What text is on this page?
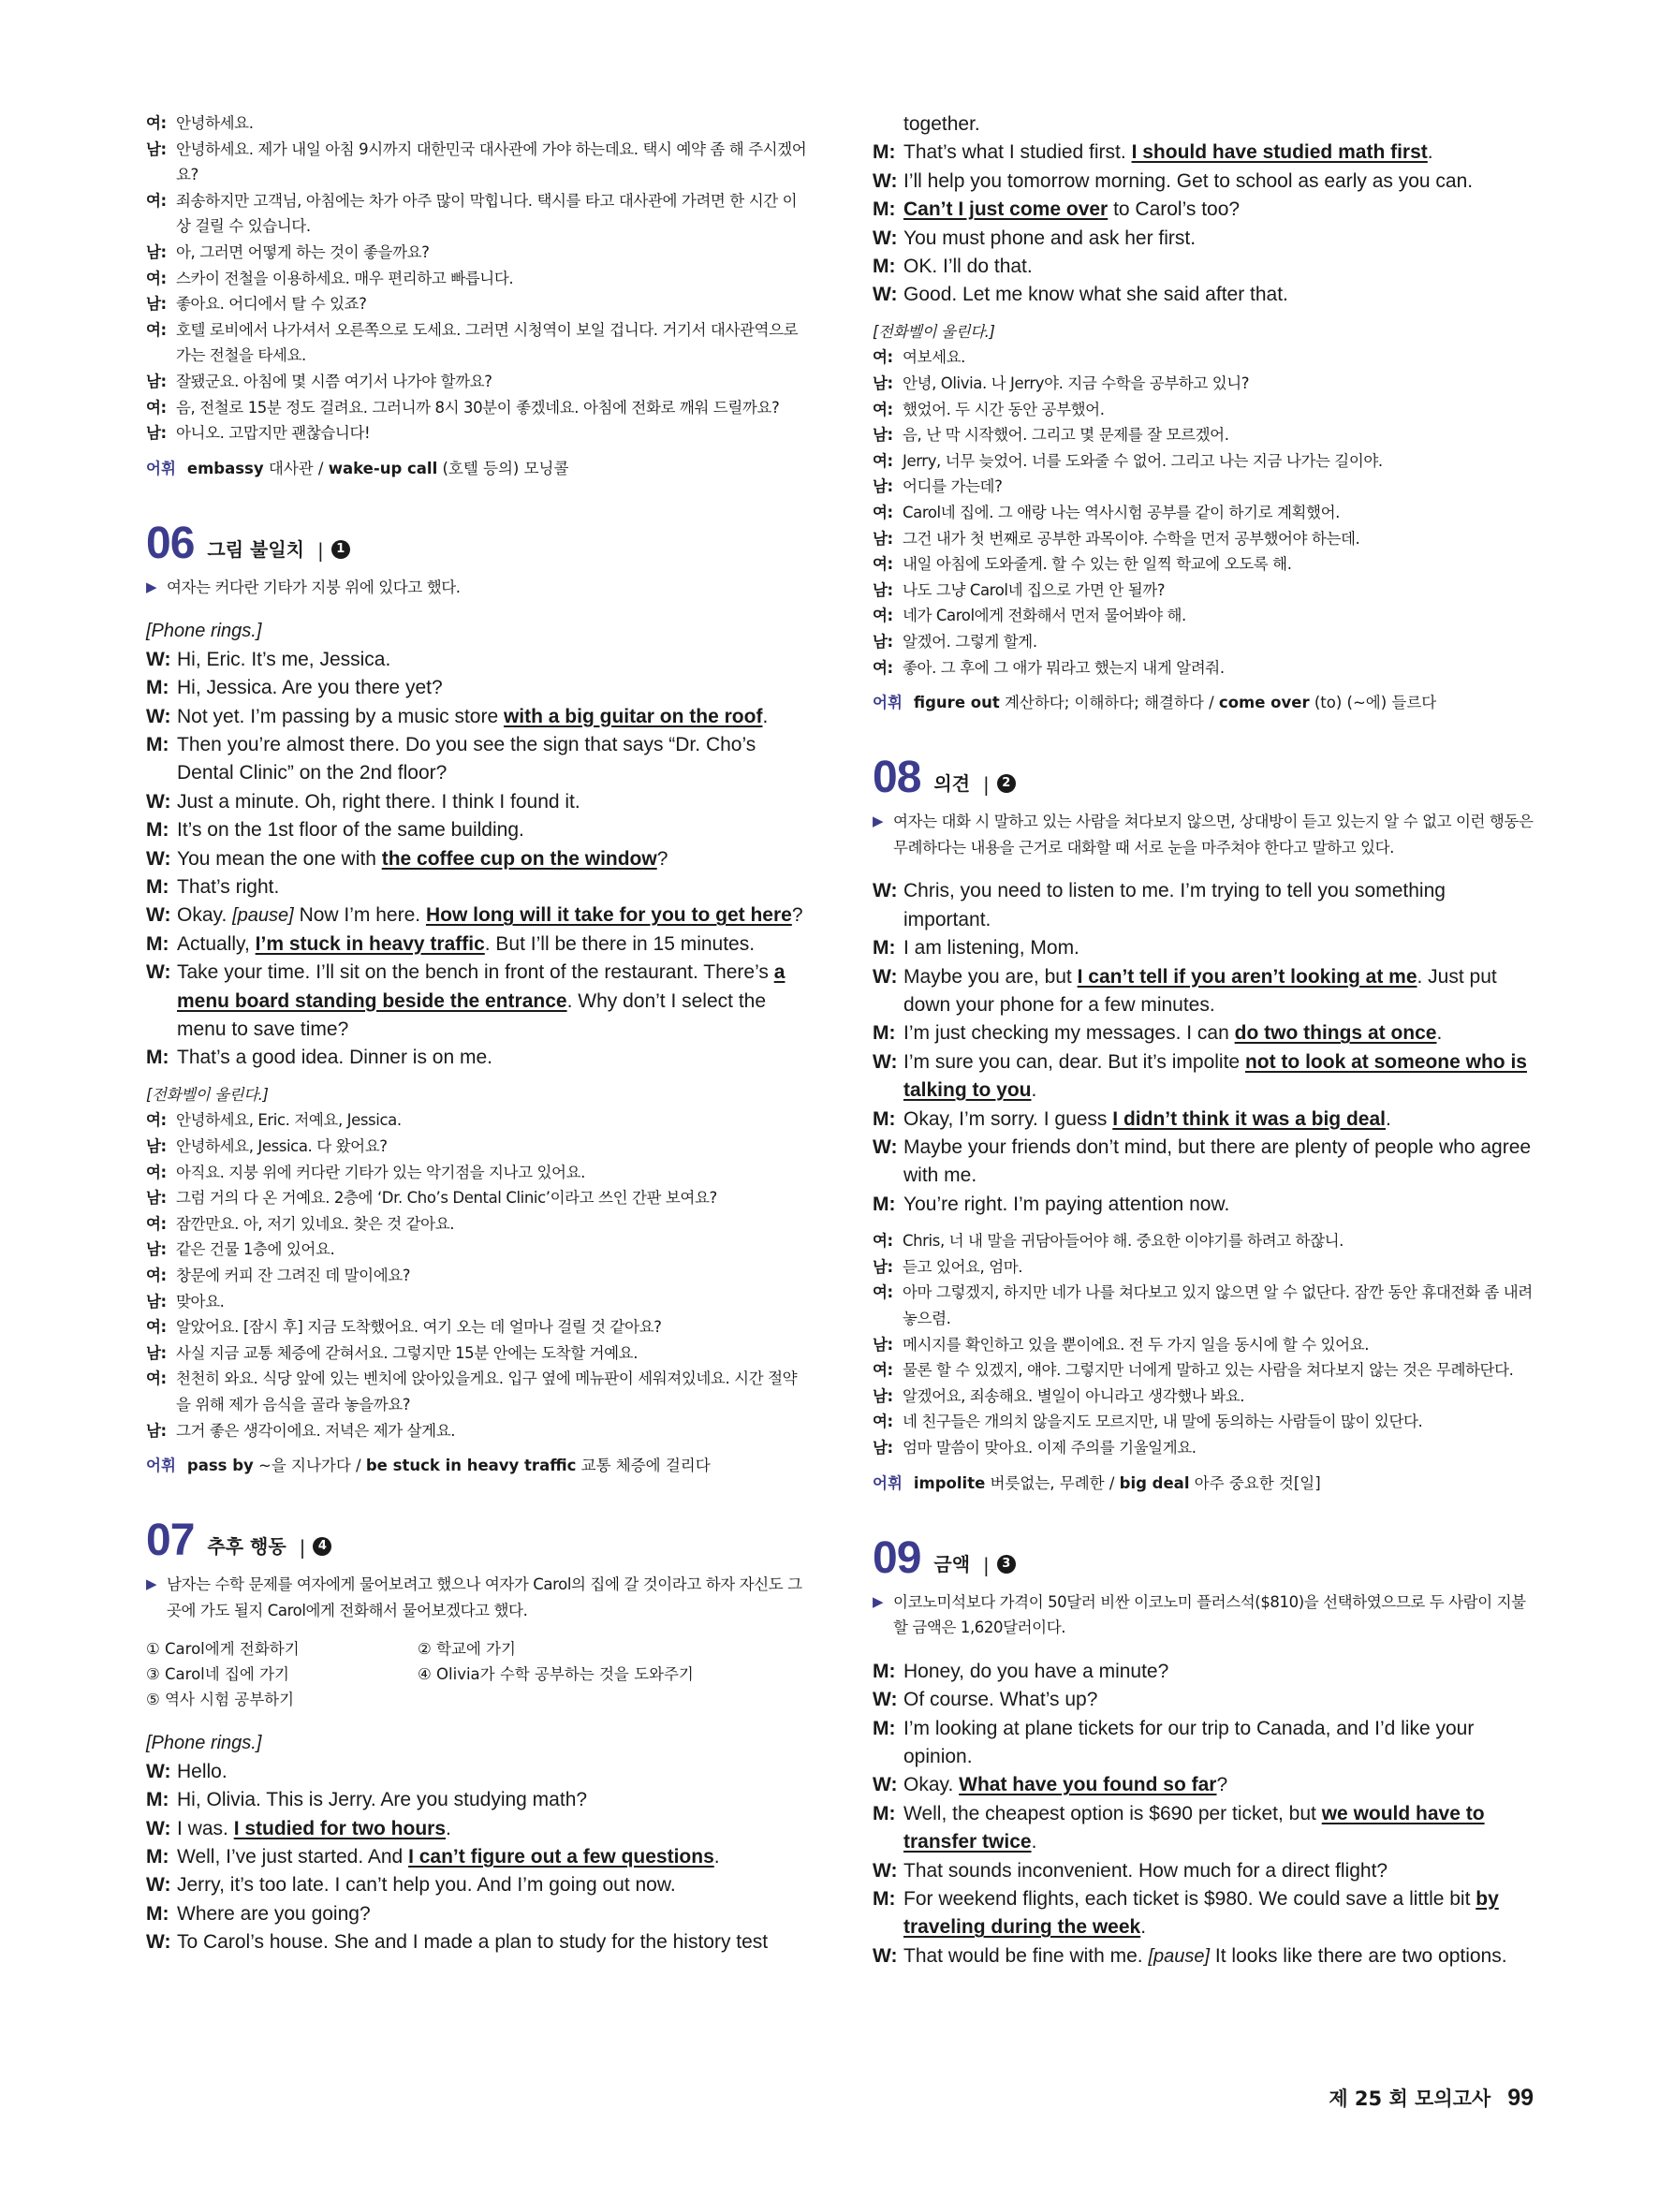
여: 안녕하세요.
남: 안녕하세요. 제가 내일 아침 9시까지 대한민국 대사관에 가야 하는데요. 택시 예약 좀 해 주시겠어요?
여: 죄송하지만 고객님, 아침에는 차가 아주 많이 막힙니다. 택시를 타고 대사관에 가려면 한 시간 이상 걸릴 수 있습니다.
남: 아, 그러면 어떻게 하는 것이 좋을까요?
여: 스카이 전철을 이용하세요. 매우 편리하고 빠릅니다.
남: 좋아요. 어디에서 탈 수 있죠?
여: 호텔 로비에서 나가셔서 오른쪽으로 도세요. 그러면 시청역이 보일 겁니다. 거기서 대사관역으로 가는 전철을 타세요.
남: 잘됐군요. 아침에 몇 시쯤 여기서 나가야 할까요?
여: 음, 전철로 15분 정도 걸려요. 그러니까 8시 30분이 좋겠네요. 아침에 전화로 깨워 드릴까요?
남: 아니오. 고맙지만 괜찮습니다!
어휘 embassy 대사관 / wake-up call (호텔 등의) 모닝콜
06 그림 불일치 |	1
▶ 여자는 커다란 기타가 지붕 위에 있다고 했다.
[Phone rings.]
W: Hi, Eric. It’s me, Jessica.
M: Hi, Jessica. Are you there yet?
W: Not yet. I’m passing by a music store with a big guitar on the roof.
M: Then you’re almost there. Do you see the sign that says “Dr. Cho’s Dental Clinic” on the 2nd floor?
W: Just a minute. Oh, right there. I think I found it.
M: It’s on the 1st floor of the same building.
W: You mean the one with the coffee cup on the window?
M: That’s right.
W: Okay. [pause] Now I’m here. How long will it take for you to get here?
M: Actually, I’m stuck in heavy traffic. But I’ll be there in 15 minutes.
W: Take your time. I’ll sit on the bench in front of the restaurant. There’s a menu board standing beside the entrance. Why don’t I select the menu to save time?
M: That’s a good idea. Dinner is on me.
[전화벨이 울린다.]
여: 안녕하세요, Eric. 저예요, Jessica.
남: 안녕하세요, Jessica. 다 왔어요?
여: 아직요. 지붕 위에 커다란 기타가 있는 악기점을 지나고 있어요.
남: 그럼 거의 다 온 거예요. 2층에 ‘Dr. Cho’s Dental Clinic’이라고 쓰인 간판 보여요?
여: 잠깐만요. 아, 저기 있네요. 찾은 것 같아요.
남: 같은 건물 1층에 있어요.
여: 창문에 커피 잔 그려진 데 말이에요?
남: 맞아요.
여: 알았어요. [잠시 후] 지금 도착했어요. 여기 오는 데 얼마나 걸릴 것 같아요?
남: 사실 지금 교통 체증에 갇혀서요. 그렇지만 15분 안에는 도착할 거예요.
여: 천천히 와요. 식당 앞에 있는 벤치에 앉아있을게요. 입구 옆에 메뉴판이 세워져있네요. 시간 절약을 위해 제가 음식을 골라 놓을까요?
남: 그거 좋은 생각이에요. 저녁은 제가 살게요.
어휘 pass by ~을 지나가다 / be stuck in heavy traffic 교통 체증에 걸리다
07 추후 행동 |	4
▶ 남자는 수학 문제를 여자에게 물어보려고 했으나 여자가 Carol의 집에 갈 것이라고 하자 자신도 그곳에 가도 될지 Carol에게 전화해서 물어보겠다고 했다.
① Carol에게 전화하기	② 학교에 가기
③ Carol네 집에 가기	④ Olivia가 수학 공부하는 것을 도와주기
⑤ 역사 시험 공부하기
[Phone rings.]
W: Hello.
M: Hi, Olivia. This is Jerry. Are you studying math?
W: I was. I studied for two hours.
M: Well, I’ve just started. And I can’t figure out a few questions.
W: Jerry, it’s too late. I can’t help you. And I’m going out now.
M: Where are you going?
W: To Carol’s house. She and I made a plan to study for the history test
together.
M: That’s what I studied first. I should have studied math first.
W: I’ll help you tomorrow morning. Get to school as early as you can.
M: Can’t I just come over to Carol’s too?
W: You must phone and ask her first.
M: OK. I’ll do that.
W: Good. Let me know what she said after that.
[전화벨이 울린다.]
여: 여보세요.
남: 안녕, Olivia. 나 Jerry야. 지금 수학을 공부하고 있니?
여: 했었어. 두 시간 동안 공부했어.
남: 음, 난 막 시작했어. 그리고 몇 문제를 잘 모르겠어.
여: Jerry, 너무 늦었어. 너를 도와줄 수 없어. 그리고 나는 지금 나가는 길이야.
남: 어디를 가는데?
여: Carol네 집에. 그 애랑 나는 역사시험 공부를 같이 하기로 계획했어.
남: 그건 내가 첫 번째로 공부한 과목이야. 수학을 먼저 공부했어야 하는데.
여: 내일 아침에 도와줄게. 할 수 있는 한 일찍 학교에 오도록 해.
남: 나도 그냥 Carol네 집으로 가면 안 될까?
여: 네가 Carol에게 전화해서 먼저 물어봐야 해.
남: 알겠어. 그렇게 할게.
여: 좋아. 그 후에 그 애가 뭐라고 했는지 내게 알려줘.
어휘 figure out 계산하다; 이해하다; 해결하다 / come over (to) (~에) 들르다
08 의견 |	2
▶ 여자는 대화 시 말하고 있는 사람을 쳐다보지 않으면, 상대방이 듣고 있는지 알 수 없고 이런 행동은 무례하다는 내용을 근거로 대화할 때 서로 눈을 마주쳐야 한다고 말하고 있다.
W: Chris, you need to listen to me. I’m trying to tell you something important.
M: I am listening, Mom.
W: Maybe you are, but I can’t tell if you aren’t looking at me. Just put down your phone for a few minutes.
M: I’m just checking my messages. I can do two things at once.
W: I’m sure you can, dear. But it’s impolite not to look at someone who is talking to you.
M: Okay, I’m sorry. I guess I didn’t think it was a big deal.
W: Maybe your friends don’t mind, but there are plenty of people who agree with me.
M: You’re right. I’m paying attention now.
여: Chris, 너 내 말을 귀담아들어야 해. 중요한 이야기를 하려고 하잖니.
남: 듣고 있어요, 엄마.
여: 아마 그렇겠지, 하지만 네가 나를 쳐다보고 있지 않으면 알 수 없단다. 잠깐 동안 휴대전화 좀 내려놓으렴.
남: 메시지를 확인하고 있을 뿐이에요. 전 두 가지 일을 동시에 할 수 있어요.
여: 물론 할 수 있겠지, 얘야. 그렇지만 너에게 말하고 있는 사람을 쳐다보지 않는 것은 무례하단다.
남: 알겠어요, 죄송해요. 별일이 아니라고 생각했나 봐요.
여: 네 친구들은 개의치 않을지도 모르지만, 내 말에 동의하는 사람들이 많이 있단다.
남: 엄마 말씀이 맞아요. 이제 주의를 기울일게요.
어휘 impolite 버릇없는, 무례한 / big deal 아주 중요한 것[일]
09 금액 |	3
▶ 이코노미석보다 가격이 50달러 비싼 이코노미 플러스석($810)을 선택하였으므로 두 사람이 지불할 금액은 1,620달러이다.
M: Honey, do you have a minute?
W: Of course. What’s up?
M: I’m looking at plane tickets for our trip to Canada, and I’d like your opinion.
W: Okay. What have you found so far?
M: Well, the cheapest option is $690 per ticket, but we would have to transfer twice.
W: That sounds inconvenient. How much for a direct flight?
M: For weekend flights, each ticket is $980. We could save a little bit by traveling during the week.
W: That would be fine with me. [pause] It looks like there are two options.
제 25 회 모의고사 99
